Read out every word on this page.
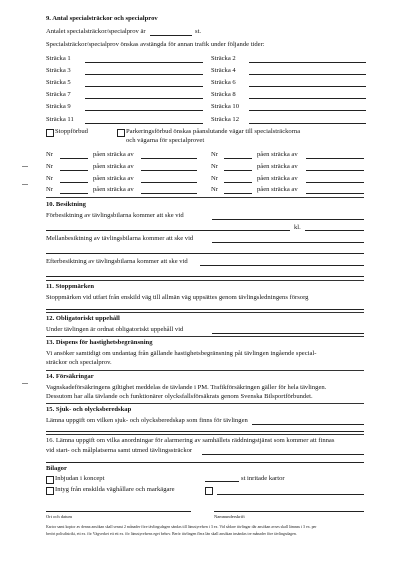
9. Antal specialsträckor och specialprov
Antalet specialsträckor/specialprov är	st.
Specialsträckor/specialprov önskas avstängda för annan trafik under följande tider:
Sträcka 1	Sträcka 2
Sträcka 3	Sträcka 4
Sträcka 5	Sträcka 6
Sträcka 7	Sträcka 8
Sträcka 9	Sträcka 10
Sträcka 11	Sträcka 12
Stoppförbud	Parkeringsförbud önskas påanslutande vägar till specialsträckorna
och vägarna för specialprovet
Nr	påen sträcka av	Nr	påen sträcka av
Nr	påen sträcka av	Nr	påen sträcka av
Nr	påen sträcka av	Nr	påen sträcka av
Nr	påen sträcka av	Nr	påen sträcka av
10. Besiktning
Förbesiktning av tävlingsbilarna kommer att ske vid
kl.
Mellanbesiktning av tävlingsbilarna kommer att ske vid
Efterbesiktning av tävlingsbilarna kommer att ske vid
11. Stoppmärken
Stoppmärken vid utfart från enskild väg till allmän väg uppsättes genom tävlingsledningens försorg
12. Obligatoriskt uppehåll
Under tävlingen är ordnat obligatoriskt uppehåll vid
13. Dispens för hastighetsbegränsning
Vi ansöker samtidigt om undantag från gällande hastighetsbegränsning påi tävlingen ingående special-
sträckor och specialprov.
14. Försäkringar
Vagnskadeförsäkringens giltighet meddelas de tävlande i PM. Trafikförsäkringen gäller för hela tävlingen.
Dessutom har alla tävlande och funktionärer olycksfallsförsäkrats genom Svenska Bilsportförbundet.
15. Sjuk- och olycksberedskap
Lämna uppgift om vilken sjuk- och olycksberedskap som finns för tävlingen
16. Lämna uppgift om vilka anordningar för alarmering av samhällets räddningstjänst som kommer att finnas
vid start- och målplatserna samt utmed tävlingssträckor
Bilagor
Inbjudan i koncept	st inritade kartor
Intyg från enskilda väghållare och markägare
Ort och datum	Namnunderskrift
Kartor samt kopior av denna ansökan skall senast 2 månader före tävlingsdagen sändas till länsstyrelsen i 3 ex. Vid sådare tävlingar där ansökan avses skall lämnas i 3 ex. per
berört polisdistrikt, ett ex. för Vägverket ett ett ex. för länsstyrelsens eget behov. Berör tävlingen flera län skall ansökan insändas tre månader före tävlingsdagen.
